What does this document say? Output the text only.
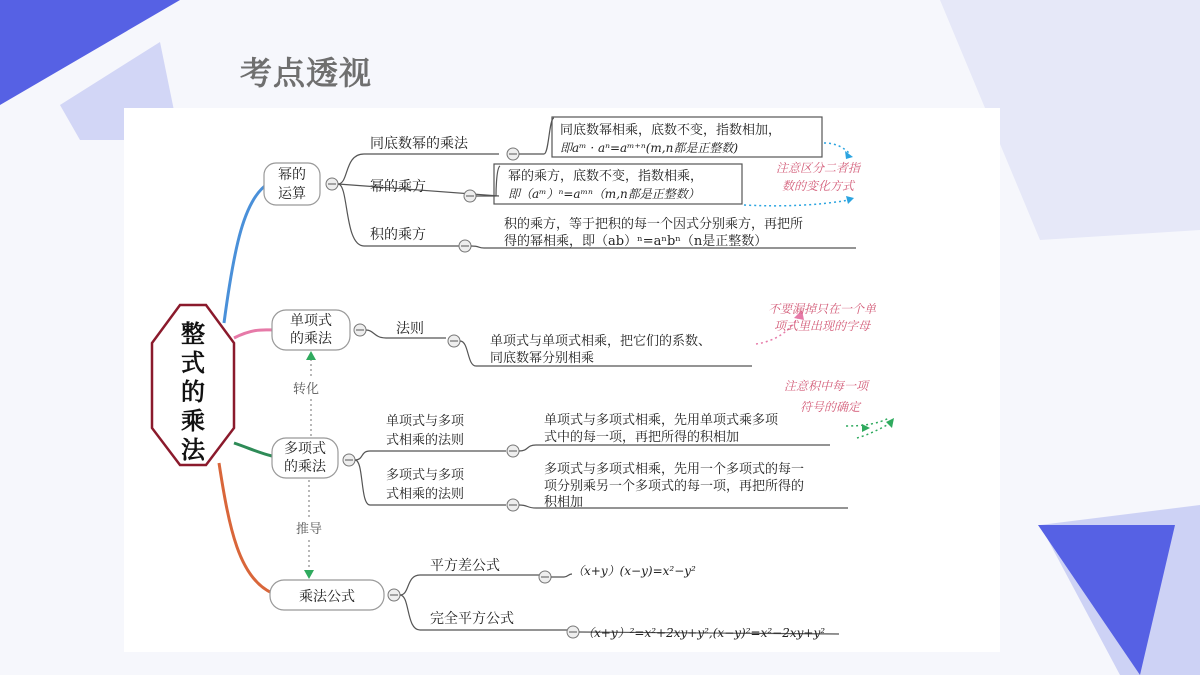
考点透视
整
式
的
乘
法
幂的
运算
同底数幂的乘法
同底数幂相乘，底数不变，指数相加，
即aᵐ · aⁿ=aᵐ⁺ⁿ(m,n都是正整数)
幂的乘方
幂的乘方，底数不变，指数相乘，
即（aᵐ）ⁿ=aᵐⁿ（m,n都是正整数）
积的乘方
积的乘方，等于把积的每一个因式分别乘方，再把所
得的幂相乘，即（ab）ⁿ=aⁿbⁿ（n是正整数）
注意区分二者指
数的变化方式
单项式
的乘法
法则
单项式与单项式相乘，把它们的系数、
同底数幂分别相乘
不要漏掉只在一个单
项式里出现的字母
转化
多项式
的乘法
单项式与多项
式相乘的法则
单项式与多项式相乘，先用单项式乘多项
式中的每一项，再把所得的积相加
多项式与多项
式相乘的法则
多项式与多项式相乘，先用一个多项式的每一
项分别乘另一个多项式的每一项，再把所得的
积相加
注意积中每一项
符号的确定
推导
乘法公式
平方差公式	（x+y）(x−y)=x²−y²
完全平方公式
（x+y）²=x²+2xy+y²,(x−y)²=x²−2xy+y²
